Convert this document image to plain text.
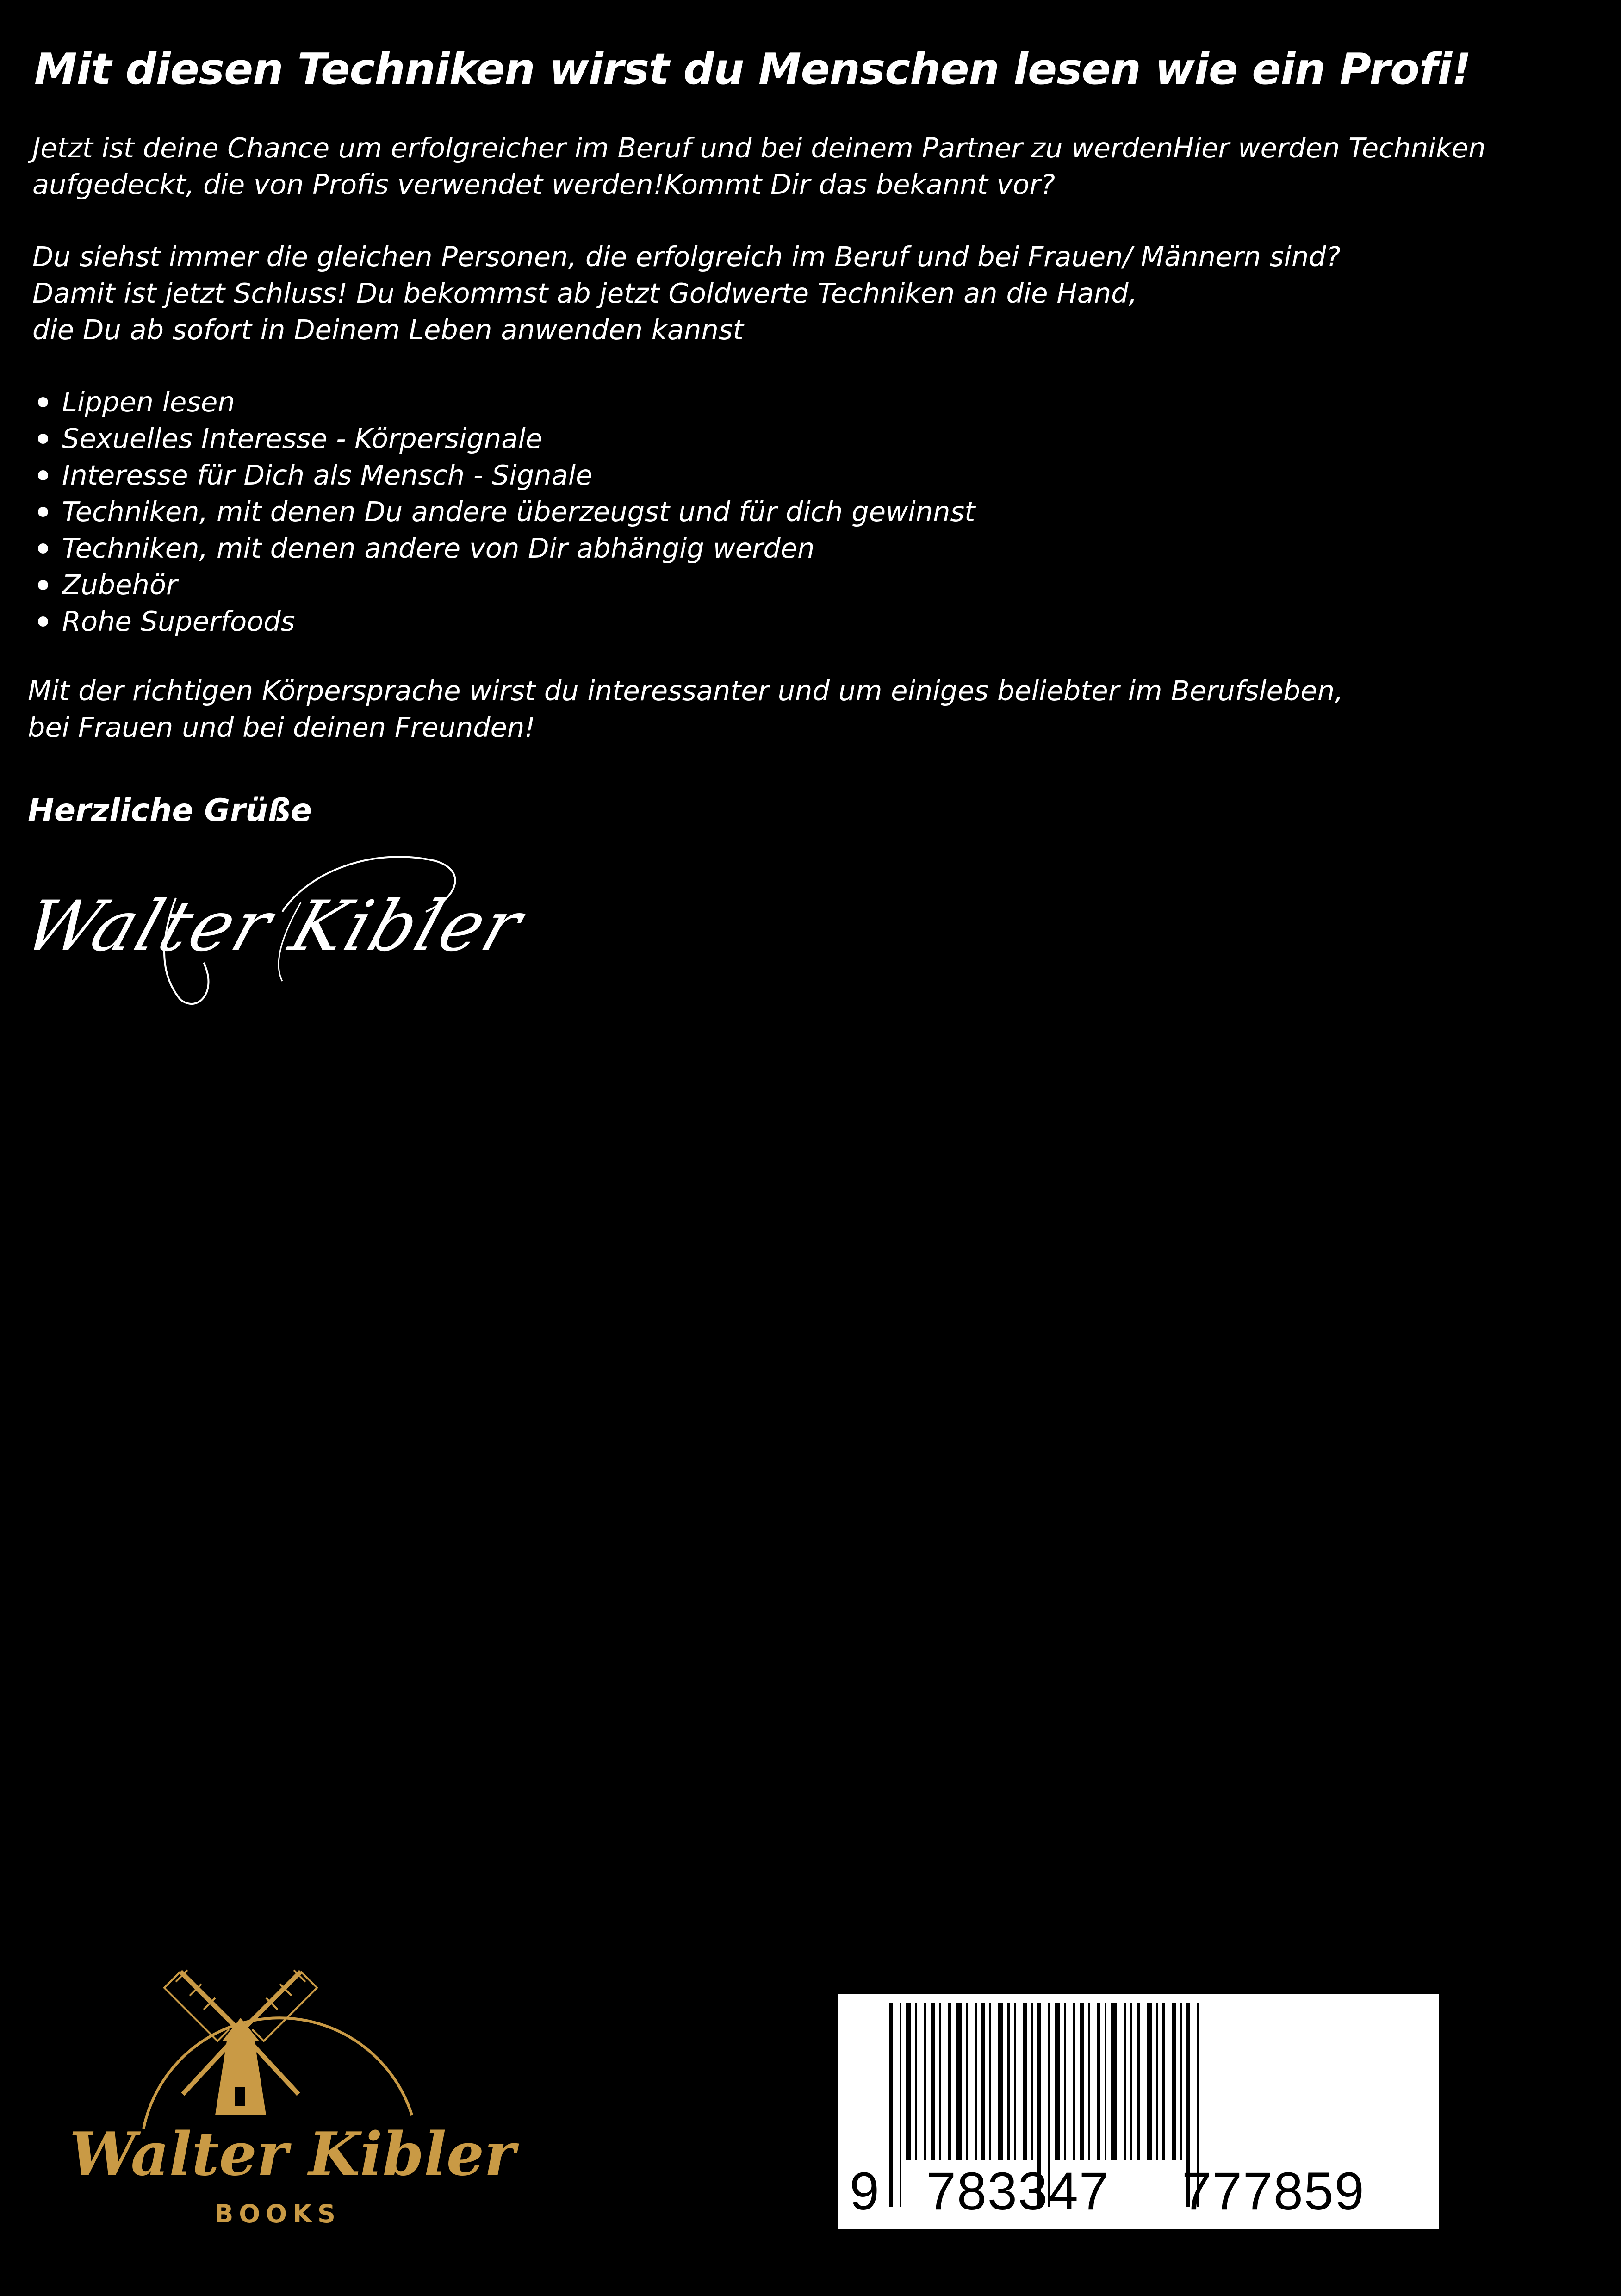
Mit diesen Techniken wirst du Menschen lesen wie ein Profi!
Jetzt ist deine Chance um erfolgreicher im Beruf und bei deinem Partner zu werdenHier werden Techniken
aufgedeckt, die von Profis verwendet werden!Kommt Dir das bekannt vor?
Du siehst immer die gleichen Personen, die erfolgreich im Beruf und bei Frauen/ Männern sind?
Damit ist jetzt Schluss! Du bekommst ab jetzt Goldwerte Techniken an die Hand,
die Du ab sofort in Deinem Leben anwenden kannst
Lippen lesen
Sexuelles Interesse - Körpersignale
Interesse für Dich als Mensch - Signale
Techniken, mit denen Du andere überzeugst und für dich gewinnst
Techniken, mit denen andere von Dir abhängig werden
Zubehör
Rohe Superfoods
Mit der richtigen Körpersprache wirst du interessanter und um einiges beliebter im Berufsleben,
bei Frauen und bei deinen Freunden!
Herzliche Grüße
Walter Kibler
Walter Kibler
BOOKS	9 783347 777859
